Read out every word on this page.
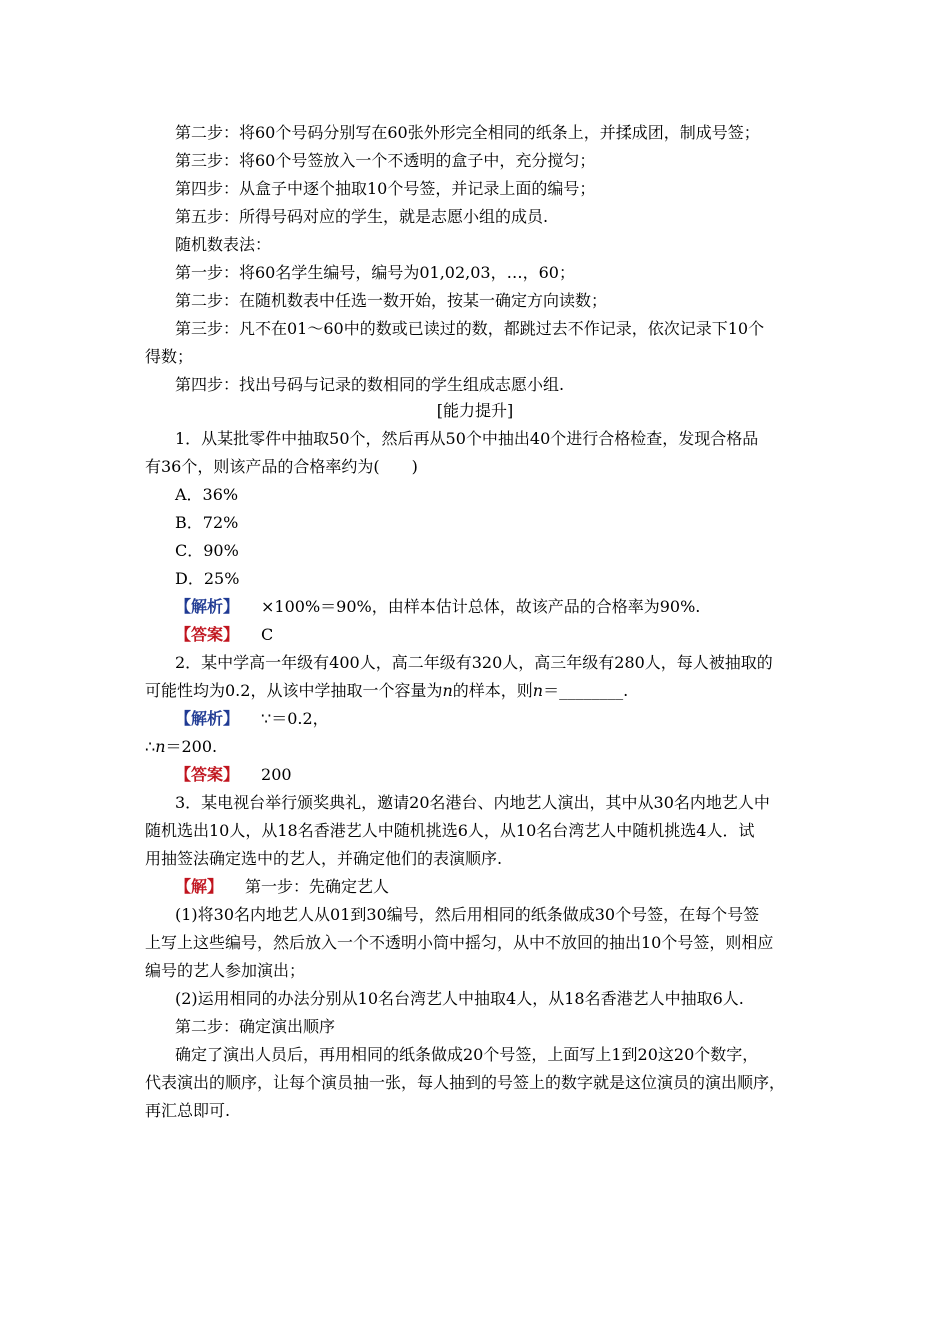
第二步：将60个号码分别写在60张外形完全相同的纸条上，并揉成团，制成号签；
第三步：将60个号签放入一个不透明的盒子中，充分搅匀；
第四步：从盒子中逐个抽取10个号签，并记录上面的编号；
第五步：所得号码对应的学生，就是志愿小组的成员.
随机数表法：
第一步：将60名学生编号，编号为01,02,03，…，60；
第二步：在随机数表中任选一数开始，按某一确定方向读数；
第三步：凡不在01～60中的数或已读过的数，都跳过去不作记录，依次记录下10个
得数；
第四步：找出号码与记录的数相同的学生组成志愿小组.
[能力提升]
1．从某批零件中抽取50个，然后再从50个中抽出40个进行合格检查，发现合格品
有36个，则该产品的合格率约为(　　)
A．36%
B．72%
C．90%
D．25%
【解析】 ×100%＝90%，由样本估计总体，故该产品的合格率为90%.
【答案】 C
2．某中学高一年级有400人，高二年级有320人，高三年级有280人，每人被抽取的
可能性均为0.2，从该中学抽取一个容量为n的样本，则n＝________.
【解析】 ∵＝0.2，
∴n＝200.
【答案】 200
3．某电视台举行颁奖典礼，邀请20名港台、内地艺人演出，其中从30名内地艺人中
随机选出10人，从18名香港艺人中随机挑选6人，从10名台湾艺人中随机挑选4人．试
用抽签法确定选中的艺人，并确定他们的表演顺序.
【解】 第一步：先确定艺人
(1)将30名内地艺人从01到30编号，然后用相同的纸条做成30个号签，在每个号签
上写上这些编号，然后放入一个不透明小筒中摇匀，从中不放回的抽出10个号签，则相应
编号的艺人参加演出；
(2)运用相同的办法分别从10名台湾艺人中抽取4人，从18名香港艺人中抽取6人.
第二步：确定演出顺序
确定了演出人员后，再用相同的纸条做成20个号签，上面写上1到20这20个数字，
代表演出的顺序，让每个演员抽一张，每人抽到的号签上的数字就是这位演员的演出顺序，
再汇总即可.
